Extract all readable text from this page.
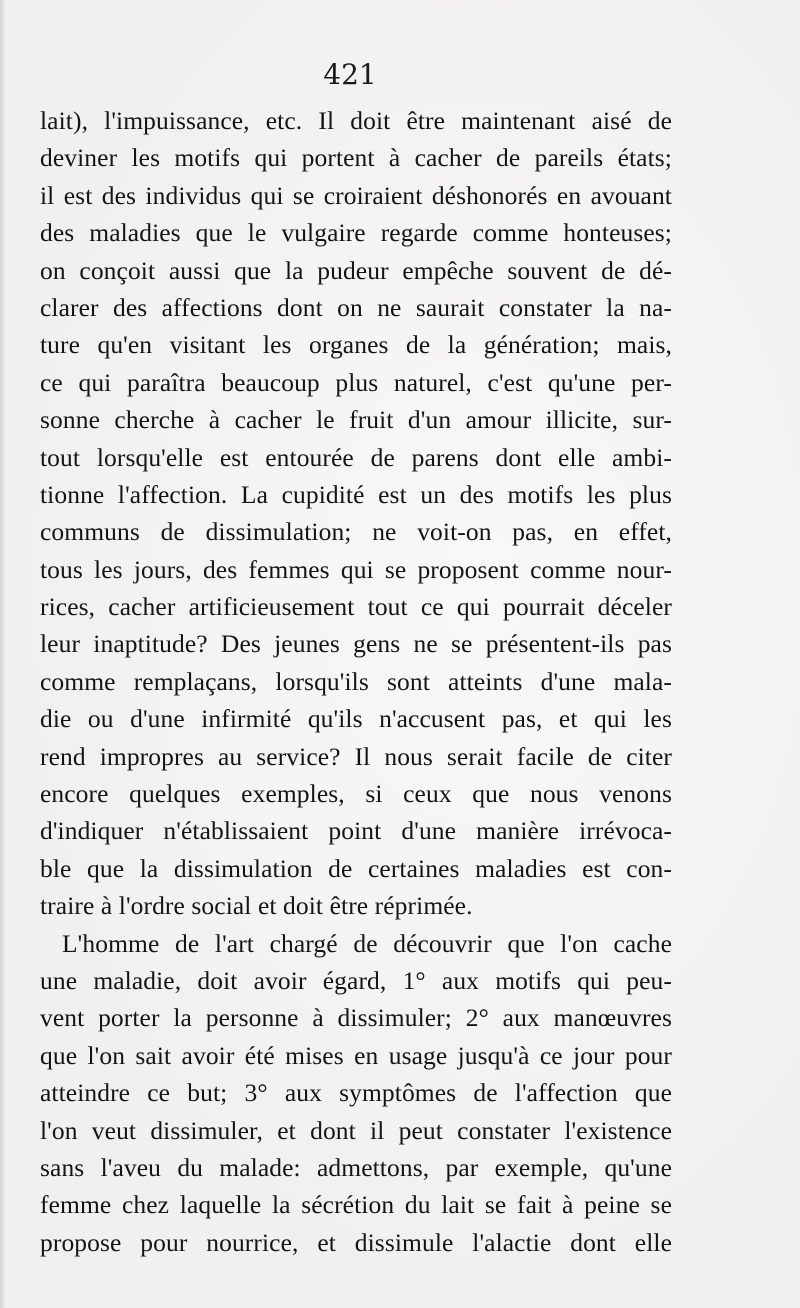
421
lait), l'impuissance, etc. Il doit être maintenant aisé de
deviner les motifs qui portent à cacher de pareils états;
il est des individus qui se croiraient déshonorés en avouant
des maladies que le vulgaire regarde comme honteuses;
on conçoit aussi que la pudeur empêche souvent de dé-
clarer des affections dont on ne saurait constater la na-
ture qu'en visitant les organes de la génération; mais,
ce qui paraîtra beaucoup plus naturel, c'est qu'une per-
sonne cherche à cacher le fruit d'un amour illicite, sur-
tout lorsqu'elle est entourée de parens dont elle ambi-
tionne l'affection. La cupidité est un des motifs les plus
communs de dissimulation; ne voit-on pas, en effet,
tous les jours, des femmes qui se proposent comme nour-
rices, cacher artificieusement tout ce qui pourrait déceler
leur inaptitude? Des jeunes gens ne se présentent-ils pas
comme remplaçans, lorsqu'ils sont atteints d'une mala-
die ou d'une infirmité qu'ils n'accusent pas, et qui les
rend impropres au service? Il nous serait facile de citer
encore quelques exemples, si ceux que nous venons
d'indiquer n'établissaient point d'une manière irrévoca-
ble que la dissimulation de certaines maladies est con-
traire à l'ordre social et doit être réprimée.
L'homme de l'art chargé de découvrir que l'on cache
une maladie, doit avoir égard, 1° aux motifs qui peu-
vent porter la personne à dissimuler; 2° aux manœuvres
que l'on sait avoir été mises en usage jusqu'à ce jour pour
atteindre ce but; 3° aux symptômes de l'affection que
l'on veut dissimuler, et dont il peut constater l'existence
sans l'aveu du malade: admettons, par exemple, qu'une
femme chez laquelle la sécrétion du lait se fait à peine se
propose pour nourrice, et dissimule l'alactie dont elle
